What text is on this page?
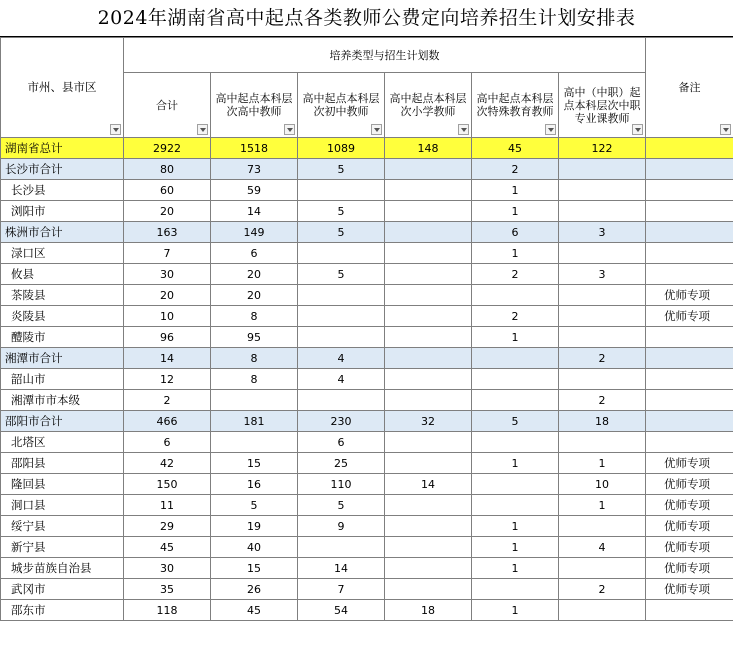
2024年湖南省高中起点各类教师公费定向培养招生计划安排表
市州、县市区	培养类型与招生计划数						备注

	合计	高中起点本科层次高中教师	高中起点本科层次初中教师	高中起点本科层次小学教师	高中起点本科层次特殊教育教师	高中（中职）起点本科层次中职专业课教师	

湖南省总计	2922	1518	1089	148	45	122	
长沙市合计	80	73	5		2		
长沙县	60	59			1		
浏阳市	20	14	5		1		
株洲市合计	163	149	5		6	3	
渌口区	7	6			1		
攸县	30	20	5		2	3	
茶陵县	20	20					优师专项
炎陵县	10	8			2		优师专项
醴陵市	96	95			1		
湘潭市合计	14	8	4			2	
韶山市	12	8	4				
湘潭市市本级	2					2	
邵阳市合计	466	181	230	32	5	18	
北塔区	6		6				
邵阳县	42	15	25		1	1	优师专项
隆回县	150	16	110	14		10	优师专项
洞口县	11	5	5			1	优师专项
绥宁县	29	19	9		1		优师专项
新宁县	45	40			1	4	优师专项
城步苗族自治县	30	15	14		1		优师专项
武冈市	35	26	7			2	优师专项
邵东市	118	45	54	18	1		
